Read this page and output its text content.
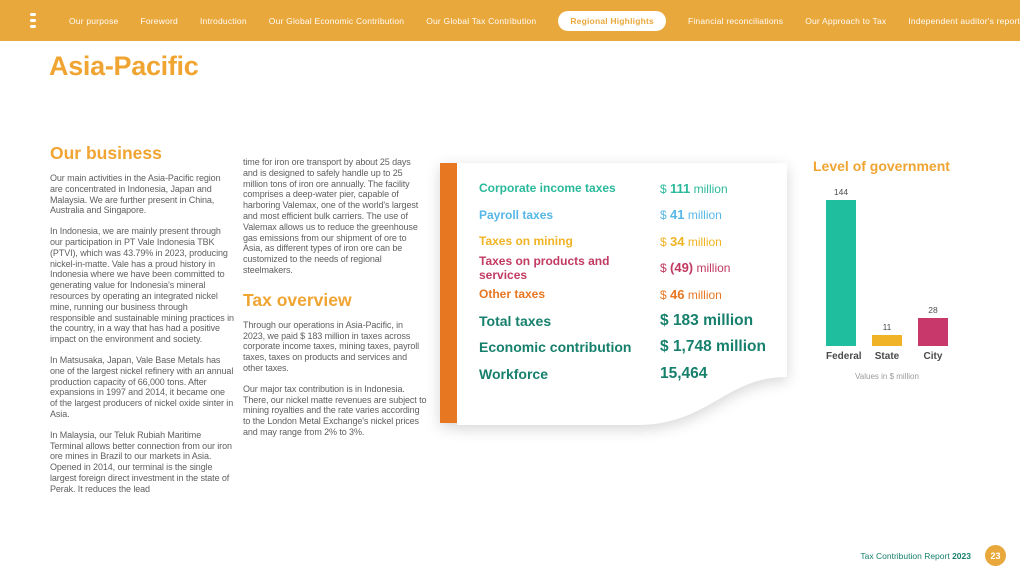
Our purpose	Foreword	Introduction	Our Global Economic Contribution	Our Global Tax Contribution	Regional Highlights	Financial reconciliations	Our Approach to Tax	Independent auditor's report
Asia-Pacific
Our business

Our main activities in the Asia-Pacific region are concentrated in Indonesia, Japan and Malaysia. We are further present in China, Australia and Singapore.

In Indonesia, we are mainly present through our participation in PT Vale Indonesia TBK (PTVI), which was 43.79% in 2023, producing nickel-in-matte. Vale has a proud history in Indonesia where we have been committed to generating value for Indonesia's mineral resources by operating an integrated nickel mine, running our business through responsible and sustainable mining practices in the country, in a way that has had a positive impact on the environment and society.

In Matsusaka, Japan, Vale Base Metals has one of the largest nickel refinery with an annual production capacity of 66,000 tons. After expansions in 1997 and 2014, it became one of the largest producers of nickel oxide sinter in Asia.

In Malaysia, our Teluk Rubiah Maritime Terminal allows better connection from our iron ore mines in Brazil to our markets in Asia. Opened in 2014, our terminal is the single largest foreign direct investment in the state of Perak. It reduces the lead

time for iron ore transport by about 25 days and is designed to safely handle up to 25 million tons of iron ore annually. The facility comprises a deep-water pier, capable of harboring Valemax, one of the world's largest and most efficient bulk carriers. The use of Valemax allows us to reduce the greenhouse gas emissions from our shipment of ore to Asia, as different types of iron ore can be customized to the needs of regional steelmakers.

Tax overview

Through our operations in Asia-Pacific, in 2023, we paid $ 183 million in taxes across corporate income taxes, mining taxes, payroll taxes, taxes on products and services and other taxes.

Our major tax contribution is in Indonesia. There, our nickel matte revenues are subject to mining royalties and the rate varies according to the London Metal Exchange's nickel prices and may range from 2% to 3%.

Corporate income taxes	$ 111 million
Payroll taxes	$ 41 million
Taxes on mining	$ 34 million
Taxes on products and services	$ (49) million
Other taxes	$ 46 million
Total taxes	$ 183 million
Economic contribution	$ 1,748 million
Workforce	15,464
Level of government
144
11
28
Federal State	City
Values in $ million
Tax Contribution Report 2023	23
